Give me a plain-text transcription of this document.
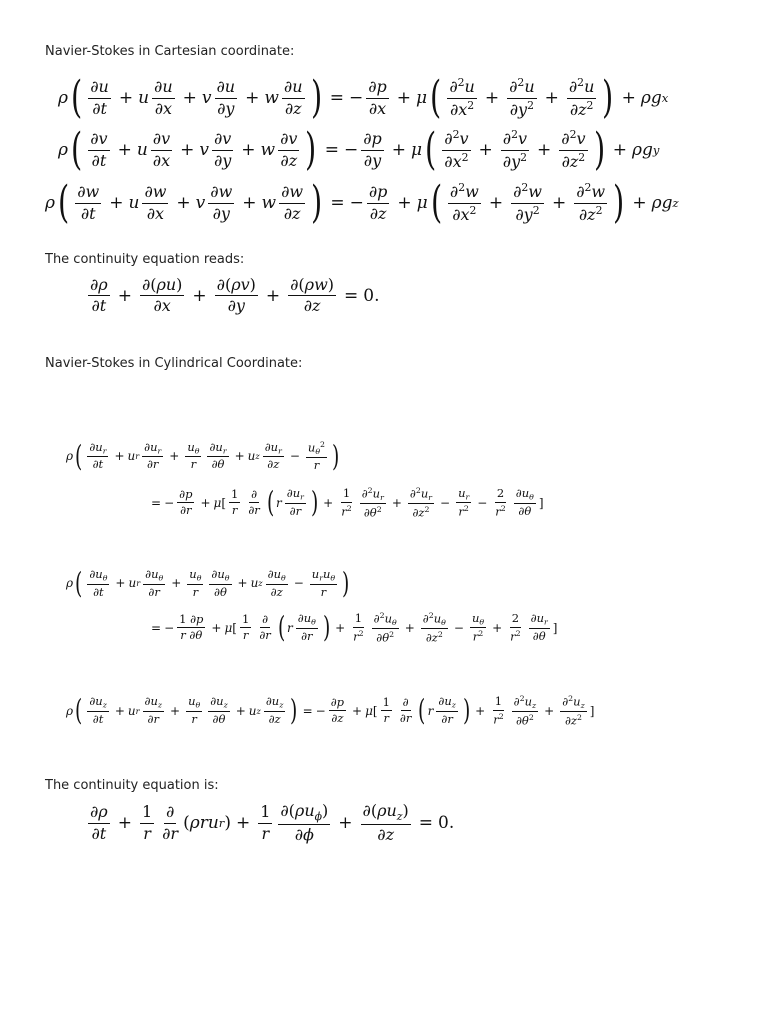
Navier-Stokes in Cartesian coordinate:
ρ ( $\frac{\partial u}{\partial t} + u \frac{\partial u}{\partial x} + v \frac{\partial u}{\partial y} + w \frac{\partial u}{\partial z}$ ) = − $\frac{\partial p}{\partial x} + \mu$ ( $\frac{\partial^2u}{\partial x^2} + \frac{\partial^2u}{\partial y^2} + \frac{\partial^2u}{\partial z^2}$ ) + ρg x
ρ ( $\frac{\partial v}{\partial t} + u \frac{\partial v}{\partial x} + v \frac{\partial v}{\partial y} + w \frac{\partial v}{\partial z}$ ) = − $\frac{\partial p}{\partial y} + \mu$ ( $\frac{\partial^2v}{\partial x^2} + \frac{\partial^2v}{\partial y^2} + \frac{\partial^2v}{\partial z^2}$ ) + ρg y
ρ ( $\frac{\partial w}{\partial t} + u \frac{\partial w}{\partial x} + v \frac{\partial w}{\partial y} + w \frac{\partial w}{\partial z}$ ) = − $\frac{\partial p}{\partial z} + \mu$ ( $\frac{\partial^2w}{\partial x^2} + \frac{\partial^2w}{\partial y^2} + \frac{\partial^2w}{\partial z^2}$ ) + ρg z
The continuity equation reads:
$\frac{\partial\rho}{\partial t} + \frac{\partial(\rho u)}{\partial x} + \frac{\partial(\rho v)}{\partial y} + \frac{\partial(\rho w)}{\partial z} = 0$.
Navier-Stokes in Cylindrical Coordinate:
ρ ( $\frac{\partial u_r}{\partial t} + u$ r $\frac{\partial u_r}{\partial r} + \frac{u_\theta}{r} \frac{\partial u_r}{\partial\theta} + u$ z $\frac{\partial u_r}{\partial z} - \frac{u_\theta^2}{r}$ )
= − $\frac{\partial p}{\partial r} + \mu$ [ $\frac{1}{r} \frac{\partial}{\partial r}$ ( r $\frac{\partial u_r}{\partial r}$ ) + $\frac{1}{r^2} \frac{\partial^2u_r}{\partial\theta^2} + \frac{\partial^2u_r}{\partial z^2} - \frac{u_r}{r^2} - \frac{2}{r^2} \frac{\partial u_\theta}{\partial\theta}$ ]
ρ ( $\frac{\partial u_\theta}{\partial t} + u$ r $\frac{\partial u_\theta}{\partial r} + \frac{u_\theta}{r} \frac{\partial u_\theta}{\partial\theta} + u$ z $\frac{\partial u_\theta}{\partial z} - \frac{u_ru_\theta}{r}$ )
= − $\frac{1 \partial p}{r \partial\theta} + \mu$ [ $\frac{1}{r} \frac{\partial}{\partial r}$ ( r $\frac{\partial u_\theta}{\partial r}$ ) + $\frac{1}{r^2} \frac{\partial^2u_\theta}{\partial\theta^2} + \frac{\partial^2u_\theta}{\partial z^2} - \frac{u_\theta}{r^2} + \frac{2}{r^2} \frac{\partial u_r}{\partial\theta}$ ]
ρ ( $\frac{\partial u_z}{\partial t} + u$ r $\frac{\partial u_z}{\partial r} + \frac{u_\theta}{r} \frac{\partial u_z}{\partial\theta} + u$ z $\frac{\partial u_z}{\partial z}$ ) = − $\frac{\partial p}{\partial z} + \mu$ [ $\frac{1}{r} \frac{\partial}{\partial r}$ ( r $\frac{\partial u_z}{\partial r}$ ) + $\frac{1}{r^2} \frac{\partial^2u_z}{\partial\theta^2} + \frac{\partial^2u_z}{\partial z^2}$ ]
The continuity equation is:
$\frac{\partial\rho}{\partial t} + \frac{1}{r} \frac{\partial}{\partial r}$ ( ρru r ) + $\frac{1}{r} \frac{\partial(\rho u_\phi)}{\partial\phi} + \frac{\partial(\rho u_z)}{\partial z} = 0$.
